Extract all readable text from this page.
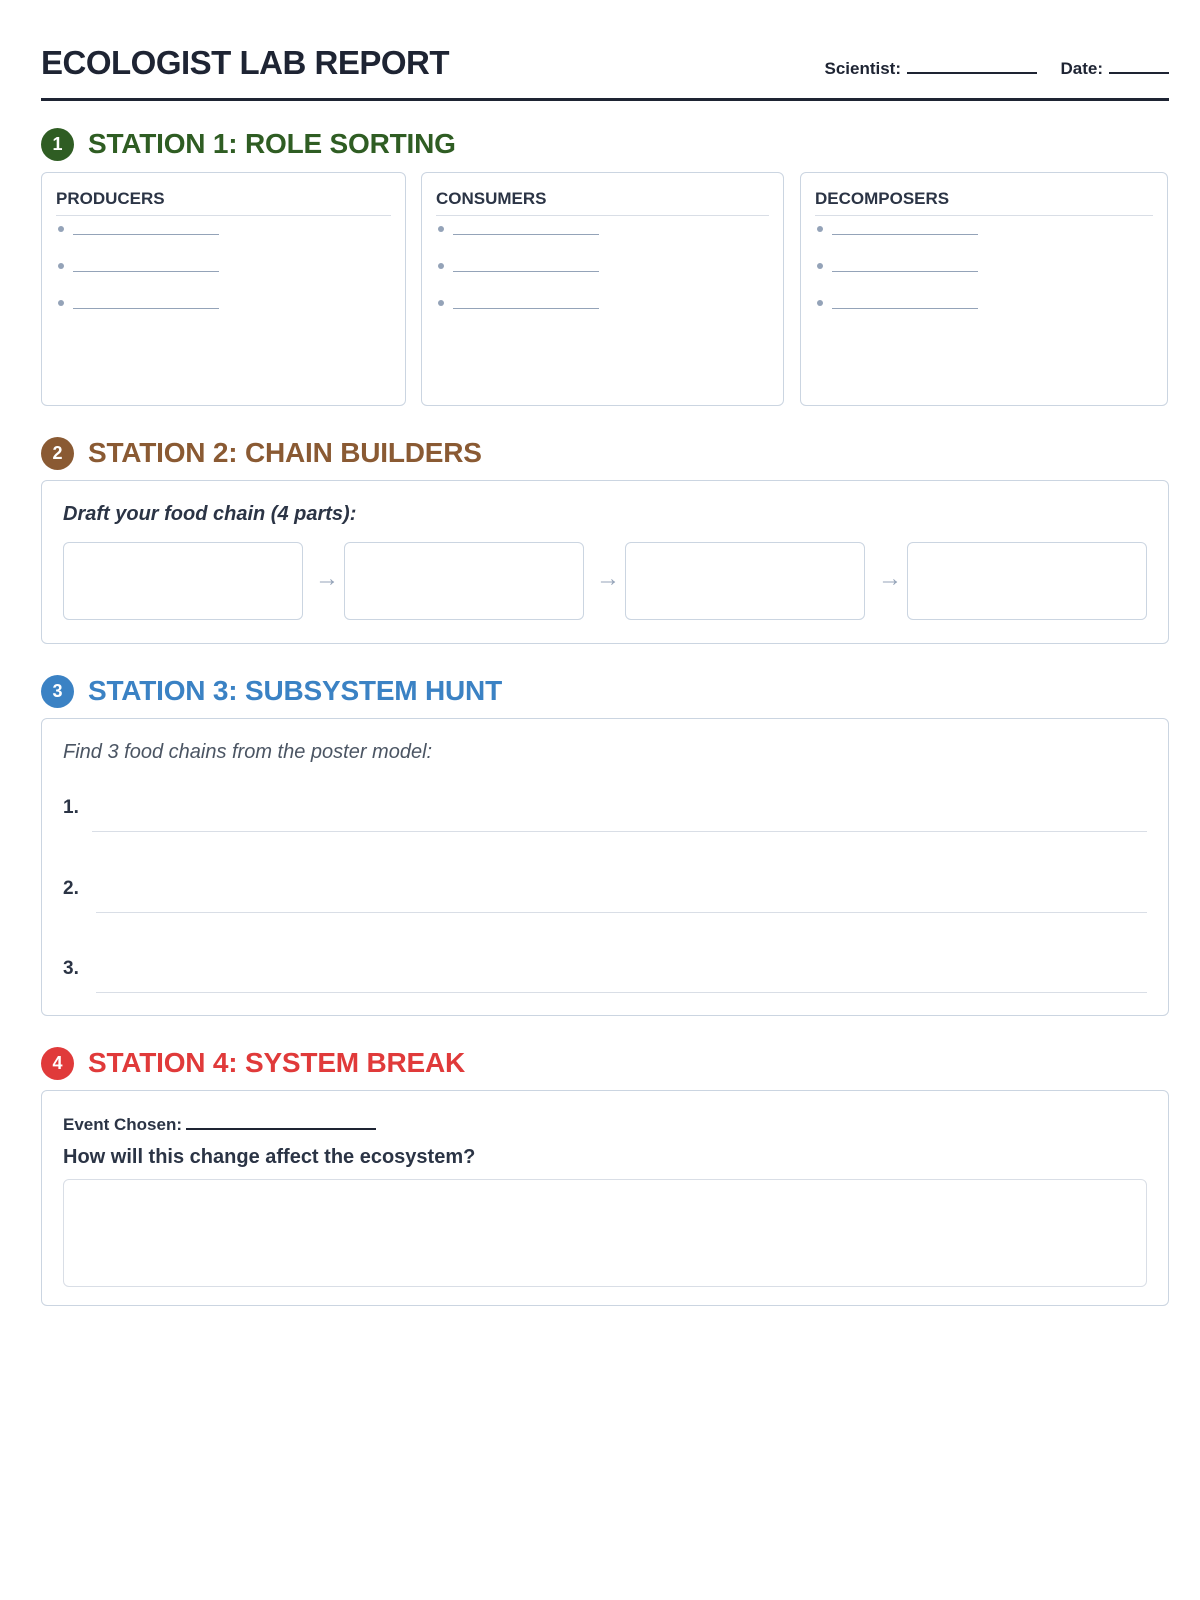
ECOLOGIST LAB REPORT	Scientist:	Date:
1 STATION 1: ROLE SORTING
PRODUCERS	CONSUMERS	DECOMPOSERS
2 STATION 2: CHAIN BUILDERS
Draft your food chain (4 parts):
→	→	→
3 STATION 3: SUBSYSTEM HUNT
Find 3 food chains from the poster model:
1.
2.
3.
4 STATION 4: SYSTEM BREAK
Event Chosen:
How will this change affect the ecosystem?
